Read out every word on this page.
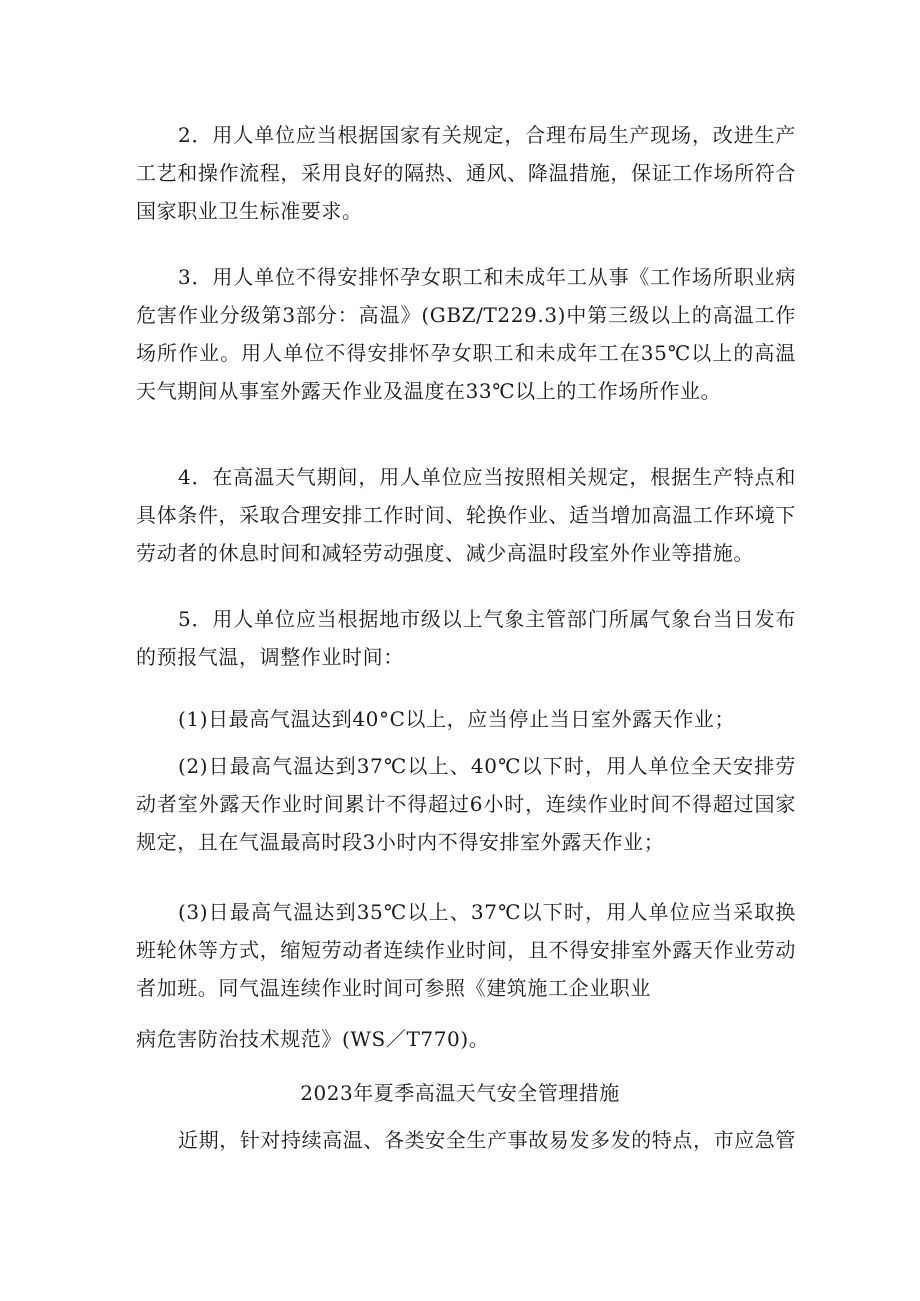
2．用人单位应当根据国家有关规定，合理布局生产现场，改进生产工艺和操作流程，采用良好的隔热、通风、降温措施，保证工作场所符合国家职业卫生标准要求。

3．用人单位不得安排怀孕女职工和未成年工从事《工作场所职业病危害作业分级第3部分：高温》(GBZ/T229.3)中第三级以上的高温工作场所作业。用人单位不得安排怀孕女职工和未成年工在35℃以上的高温天气期间从事室外露天作业及温度在33℃以上的工作场所作业。

4．在高温天气期间，用人单位应当按照相关规定，根据生产特点和具体条件，采取合理安排工作时间、轮换作业、适当增加高温工作环境下劳动者的休息时间和减轻劳动强度、减少高温时段室外作业等措施。

5．用人单位应当根据地市级以上气象主管部门所属气象台当日发布的预报气温，调整作业时间：

(1)日最高气温达到40°C以上，应当停止当日室外露天作业；

(2)日最高气温达到37℃以上、40℃以下时，用人单位全天安排劳动者室外露天作业时间累计不得超过6小时，连续作业时间不得超过国家规定，且在气温最高时段3小时内不得安排室外露天作业；

(3)日最高气温达到35℃以上、37℃以下时，用人单位应当采取换班轮休等方式，缩短劳动者连续作业时间，且不得安排室外露天作业劳动者加班。同气温连续作业时间可参照《建筑施工企业职业

病危害防治技术规范》(WS／T770)。

2023年夏季高温天气安全管理措施

近期，针对持续高温、各类安全生产事故易发多发的特点，市应急管
